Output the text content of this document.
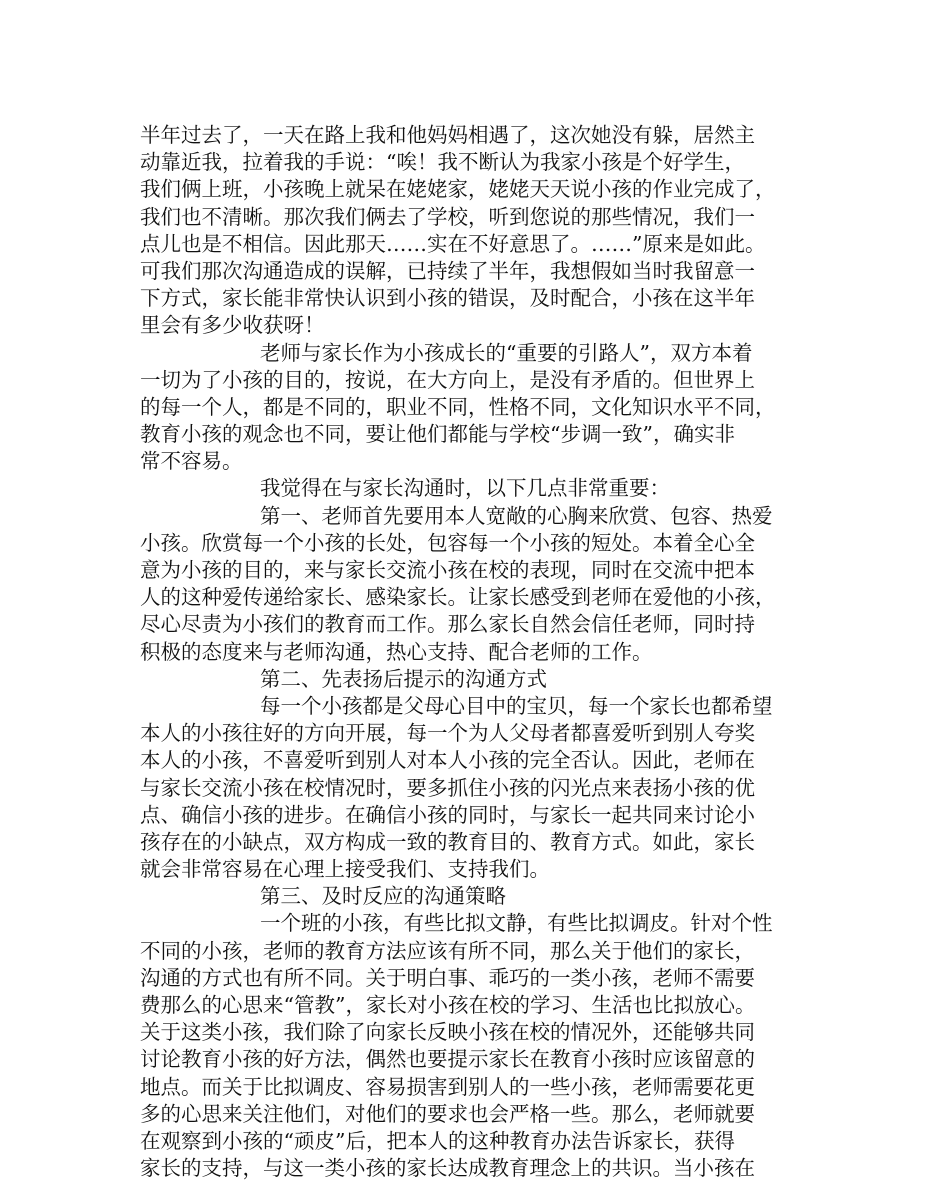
半年过去了，一天在路上我和他妈妈相遇了，这次她没有躲，居然主
动靠近我，拉着我的手说：“唉！我不断认为我家小孩是个好学生，
我们俩上班，小孩晚上就呆在姥姥家，姥姥天天说小孩的作业完成了，
我们也不清晰。那次我们俩去了学校，听到您说的那些情况，我们一
点儿也是不相信。因此那天……实在不好意思了。……”原来是如此。
可我们那次沟通造成的误解，已持续了半年，我想假如当时我留意一
下方式，家长能非常快认识到小孩的错误，及时配合，小孩在这半年
里会有多少收获呀！
老师与家长作为小孩成长的“重要的引路人”，双方本着
一切为了小孩的目的，按说，在大方向上，是没有矛盾的。但世界上
的每一个人，都是不同的，职业不同，性格不同，文化知识水平不同，
教育小孩的观念也不同，要让他们都能与学校“步调一致”，确实非
常不容易。
我觉得在与家长沟通时，以下几点非常重要：
第一、老师首先要用本人宽敞的心胸来欣赏、包容、热爱
小孩。欣赏每一个小孩的长处，包容每一个小孩的短处。本着全心全
意为小孩的目的，来与家长交流小孩在校的表现，同时在交流中把本
人的这种爱传递给家长、感染家长。让家长感受到老师在爱他的小孩，
尽心尽责为小孩们的教育而工作。那么家长自然会信任老师，同时持
积极的态度来与老师沟通，热心支持、配合老师的工作。
第二、先表扬后提示的沟通方式
每一个小孩都是父母心目中的宝贝，每一个家长也都希望
本人的小孩往好的方向开展，每一个为人父母者都喜爱听到别人夸奖
本人的小孩，不喜爱听到别人对本人小孩的完全否认。因此，老师在
与家长交流小孩在校情况时，要多抓住小孩的闪光点来表扬小孩的优
点、确信小孩的进步。在确信小孩的同时，与家长一起共同来讨论小
孩存在的小缺点，双方构成一致的教育目的、教育方式。如此，家长
就会非常容易在心理上接受我们、支持我们。
第三、及时反应的沟通策略
一个班的小孩，有些比拟文静，有些比拟调皮。针对个性
不同的小孩，老师的教育方法应该有所不同，那么关于他们的家长，
沟通的方式也有所不同。关于明白事、乖巧的一类小孩，老师不需要
费那么的心思来“管教”，家长对小孩在校的学习、生活也比拟放心。
关于这类小孩，我们除了向家长反映小孩在校的情况外，还能够共同
讨论教育小孩的好方法，偶然也要提示家长在教育小孩时应该留意的
地点。而关于比拟调皮、容易损害到别人的一些小孩，老师需要花更
多的心思来关注他们，对他们的要求也会严格一些。那么，老师就要
在观察到小孩的“顽皮”后，把本人的这种教育办法告诉家长，获得
家长的支持，与这一类小孩的家长达成教育理念上的共识。当小孩在
